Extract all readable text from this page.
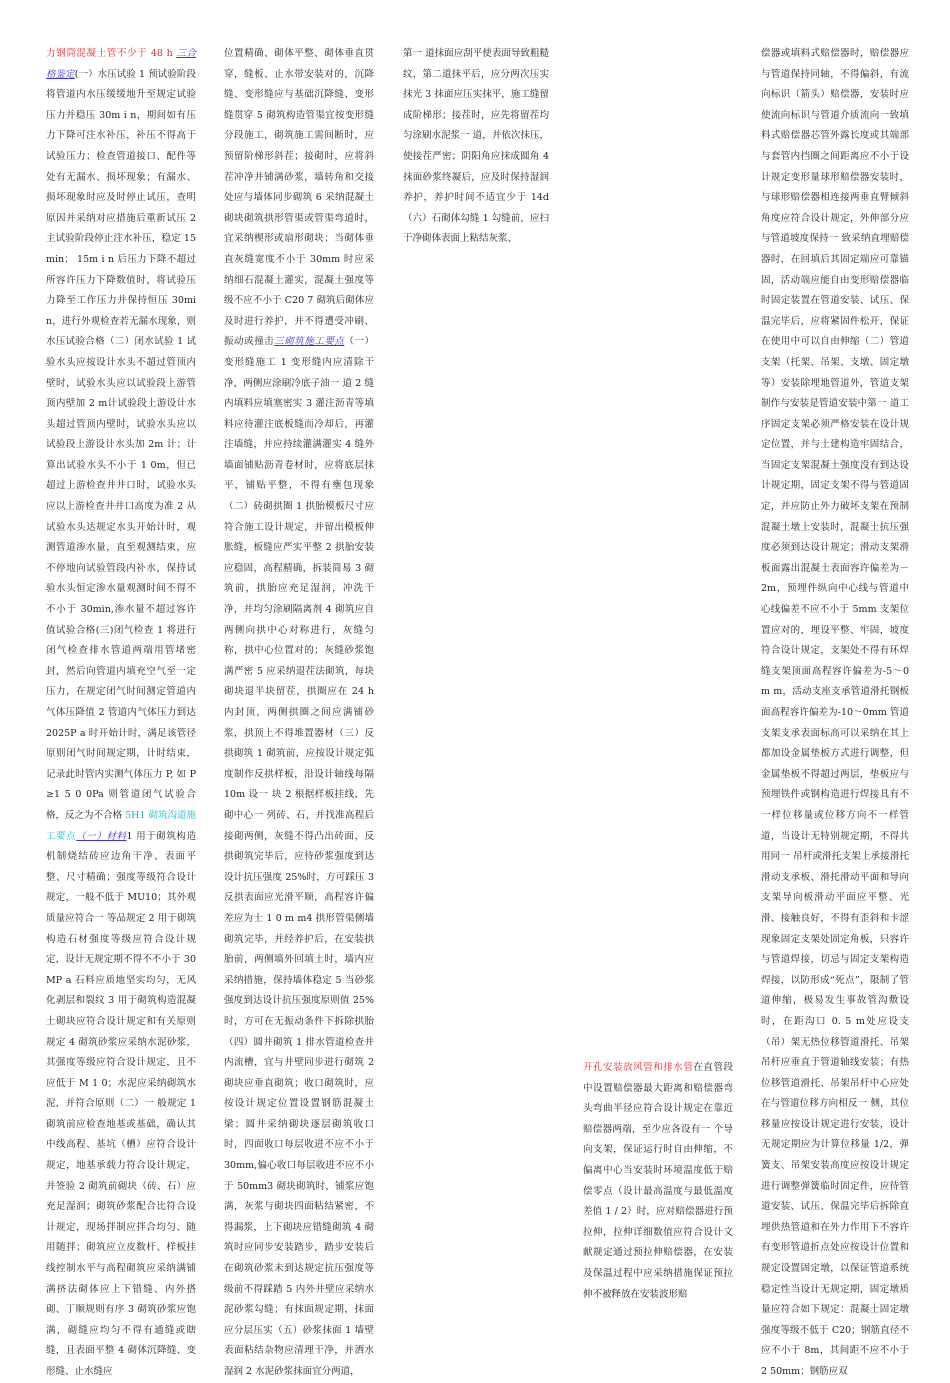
力钢筒混凝土管不少于 48 h 三合格鉴定(一）水压试验 1 预试验阶段将管道内水压缓缓地升至规定试验压力并稳压 30m i n，期间如有压力下降可注水补压，补压不得高于试验压力；检查管道接口、配件等处有无漏水、损坏现象；有漏水、损坏现象时应及时停止试压，查明原因并采纳对应措施后重新试压 2 主试验阶段停止注水补压，稳定 15min； 15m i n 后压力下降不超过所容许压力下降数值时，将试验压力降至工作压力并保持恒压 30min，进行外观检查若无漏水现象，则水压试验合格（二）闭水试验 1 试验水头应按设计水头不超过管顶内壁时，试验水头应以试验段上游管顶内壁加 2 m计试验段上游设计水头超过管顶内壁时，试验水头应以试验段上游设计水头加 2m 计；计算出试验水头不小于 1 0m，但已超过上游检查井井口时，试验水头应以上游检查井井口高度为准 2 从试验水头达规定水头开始计时，观测管道渗水量，直至观测结束，应不停地向试验管段内补水，保持试验水头恒定渗水量观测时间不得不不小于 30min,渗水量不超过容许值试验合格(三)闭气检查 1 将进行闭气检查排水管道两端用管堵密封，然后向管道内填充空气至一定压力，在规定闭气时间测定管道内气体压降值 2 管道内气体压力到达 2025P a 时开始计时，满足该管径原则闭气时间规定期，计时结束，记录此时管内实测气体压力 P, 如 P≥1 5 0 0Pa 则管道闭气试验合格，反之为不合格 5H1 砌筑沟道施工要点（一）材料1 用于砌筑构造机制烧结砖应边角干净、表面平整、尺寸精确；强度等级符合设计规定，一般不低于 MU10；其外观质量应符合一 等品规定 2 用于砌筑构造石材强度等级应符合设计规定，设计无规定期不得不不小于 30MP a 石料应质地坚实均匀，无风化剥层和裂纹 3 用于砌筑构造混凝土砌块应符合设计规定和有关原则规定 4 砌筑砂浆应采纳水泥砂浆，其强度等级应符合设计规定，且不应低于 M 1 0；水泥应采纳砌筑水泥，并符合原则（二）一 般规定 1 砌筑前应检查地基或基础，确认其中线高程、基坑（槽）应符合设计规定，地基承载力符合设计规定，并签验 2 砌筑前砌块（砖、石）应充足湿润；砌筑砂浆配合比符合设计规定，现场拌制应拌合均匀、随用随拌；砌筑应立皮数杆、样板挂线控制水平与高程砌筑应采纳满铺满挤法砌体应上下错缝、内外搭砌、丁顺规则有序 3 砌筑砂浆应饱满，砌缝应均匀不得有通缝或瞎缝，且表面平整 4 砌体沉降缝、变形缝、止水缝应
位置精确、砌体平整、砌体垂直贯穿，缝板、止水带安装对的，沉降缝、变形缝应与基础沉降缝、变形缝贯穿 5 砌筑构造管渠宜按变形缝分段施工，砌筑施工需间断时，应预留阶梯形斜茬；接砌时，应将斜茬冲净并铺满砂浆，墙转角和交接处应与墙体同步砌筑 6 采纳混凝土砌块砌筑拱形管渠或管渠弯道时，宜采纳楔形或扇形砌块；当砌体垂直灰缝宽度不小于 30mm 时应采纳细石混凝土灌实，混凝土强度等级不应不小于 C20 7 砌筑后砌体应及时进行养护，并不得遭受冲刷、振动或撞击三砌筑施工要点（一）变形缝施工 1 变形缝内应清除干净，两侧应涂刷冷底子油一 道 2 缝内填料应填塞密实 3 灌注沥青等填料应待灌注底板缝而冷却后，再灌注墙缝，并应持续灌满灌实 4 缝外墙面铺贴沥青卷材时，应将底层抹平，铺贴平整，不得有壅包现象（二）砖砌拱圈 1 拱胎模板尺寸应符合施工设计规定，并留出模板伸胀缝，板缝应严实平整 2 拱胎安装应稳固，高程精确，拆装简易 3 砌筑前，拱胎应充足湿润，冲洗干净，并均匀涂刷隔离剂 4 砌筑应自两侧向拱中心对称进行，灰缝匀称，拱中心位置对的；灰缝砂浆饱满严密 5 应采纳退茬法砌筑，每块砌块退半块留茬，拱圈应在 24 h 内封顶，两侧拱圈之间应满铺砂浆，拱顶上不得堆置器材（三）反拱砌筑 1 砌筑前，应按设计规定弧度制作反拱样板，沿设计轴线每隔 10m 设一 块 2 根据样板挂线，先砌中心一 列砖、石，并找准高程后接砌两侧，灰缝不得凸出砖面，反拱砌筑完毕后，应待砂浆强度到达设计抗压强度 25%时，方可踩压 3 反拱表面应光滑平顺，高程容许偏差应为士 1 0 m m4 拱形管渠侧墙砌筑完毕，并经养护后，在安装拱胎前，两侧墙外回填土时，墙内应采纳措施，保持墙体稳定 5 当砂浆强度到达设计抗压强度原则值 25%时，方可在无振动条件下拆除拱胎（四）圆井砌筑 1 排水管道检查井内流槽，宜与井壁同步进行砌筑 2 砌块应垂直砌筑；收口砌筑时，应按设计规定位置设置钢筋混凝土梁；圆井采纳砌块逐层砌筑收口时，四面收口每层收进不应不小于 30mm,偏心收口每层收进不应不小于 50mm3 砌块砌筑时，铺浆应饱满，灰浆与砌块四面粘结紧密，不得漏浆，上下砌块应错缝砌筑 4 砌筑时应同步安装踏步，踏步安装后在砌筑砂浆未到达规定抗压强度等级前不得踩踏 5 内外井壁应采纳水泥砂浆勾缝；有抹面规定期，抹面应分层压实（五）砂浆抹面 1 墙壁表面粘结杂物应清理干净，并洒水湿润 2 水泥砂浆抹面宜分两道，
第一 道抹面应刮平使表面导致粗糙纹，第二道抹平后，应分两次压实抹光 3 抹面应压实抹平，施工缝留成阶梯形；接茬时，应先将留茬均匀涂刷水泥浆一 道，并依次抹压，使接茬严密；阴阳角应抹成圆角 4 抹面砂浆终凝后，应及时保持湿润养护，养护时间不适宜少于 14d（六）石砌体勾缝 1 勾缝前，应扫干净砌体表面上粘结灰浆、
开孔安装放风管和排水管在直管段中设置赔偿器最大距离和赔偿器弯头弯曲半径应符合设计规定在靠近赔偿器两端，至少应各设有一 个导向支架，保证运行时自由伸缩，不偏离中心当安装时环境温度低于赔偿零点（设计最高温度与最低温度差值 1 / 2）时，应对赔偿器进行预拉伸，拉伸详细数值应符合设计文献规定通过预拉伸赔偿器，在安装及保温过程中应采纳措施保证预拉伸不被释放在安装波形赔
偿器或填料式赔偿器时，赔偿器应与管道保持同轴，不得偏斜，有流向标识（箭头）赔偿器，安装时应使流向标识与管道介质流向一致填料式赔偿器芯管外露长度或其端部与套管内挡圈之间距离应不小于设计规定变形量球形赔偿器安装时，与球形赔偿器相连接两垂直臂倾斜角度应符合设计规定，外伸部分应与管道坡度保持一 致采纳直埋赔偿器时，在回填后其固定端应可靠锚固，活动端应能自由变形赔偿器临时固定装置在管道安装、试压、保温完毕后，应将紧固件松开，保证在使用中可以自由伸缩（二）管道支架（托架、吊架、支墩、固定墩等）安装除埋地管道外，管道支架制作与安装是管道安装中第一 道工序固定支架必须严格安装在设计规定位置，并与土建构造牢固结合，当固定支架混凝土强度没有到达设计规定期，固定支架不得与管道固定，并应防止外力破坏支架在预制混凝土墩上安装时，混凝土抗压强度必须到达设计规定；滑动支架滑板面露出混凝土表面容许偏差为－2m，预埋件纵向中心线与管道中心线偏差不应不小于 5mm 支架位置应对的，埋设平整、牢固，坡度符合设计规定，支架处不得有环焊缝支架顶面高程容许偏差为-5～0 m m，活动支座支承管道滑托钢板面高程容许偏差为-10～0mm 管道支架支承表面标高可以采纳在其上都加设金属垫板方式进行调整，但金属垫板不得超过两层，垫板应与预埋铁件或钢构造进行焊接具有不一样位移量或位移方向不一样管道，当设计无特别规定期，不得共用同一 吊杆或滑托支架上承接滑托滑动支承板、滑托滑动平面和导向支架导向板滑动平面应平整、光滑、接触良好，不得有歪斜和卡涩现象固定支架处固定角板，只容许与管道焊接，切忌与固定支架构造焊接，以防形成“死点”，限制了管道伸缩，极易发生事故管沟敷设时，在距沟口 0. 5 m处应设支（吊）架无热位移管道滑托、吊架吊杆应垂直于管道轴线安装；有热位移管道滑托、吊架吊杆中心应处在与管道位移方向相反一 侧，其位移量应按设计规定进行安装，设计无规定期应为计算位移量 1/2，弹簧支、吊架安装高度应按设计规定进行调整弹簧临时固定件，应待管道安装、试压、保温完毕后拆除直埋供热管道和在外力作用下不容许有变形管道折点处应按设计位置和规定设置固定墩，以保证管道系统稳定性当设计无规定期，固定墩质量应符合如下规定：混凝土固定墩强度等级不低于 C20；钢筋直径不应不小于 8m，其间距不应不小于 2 50mm；钢筋应双
